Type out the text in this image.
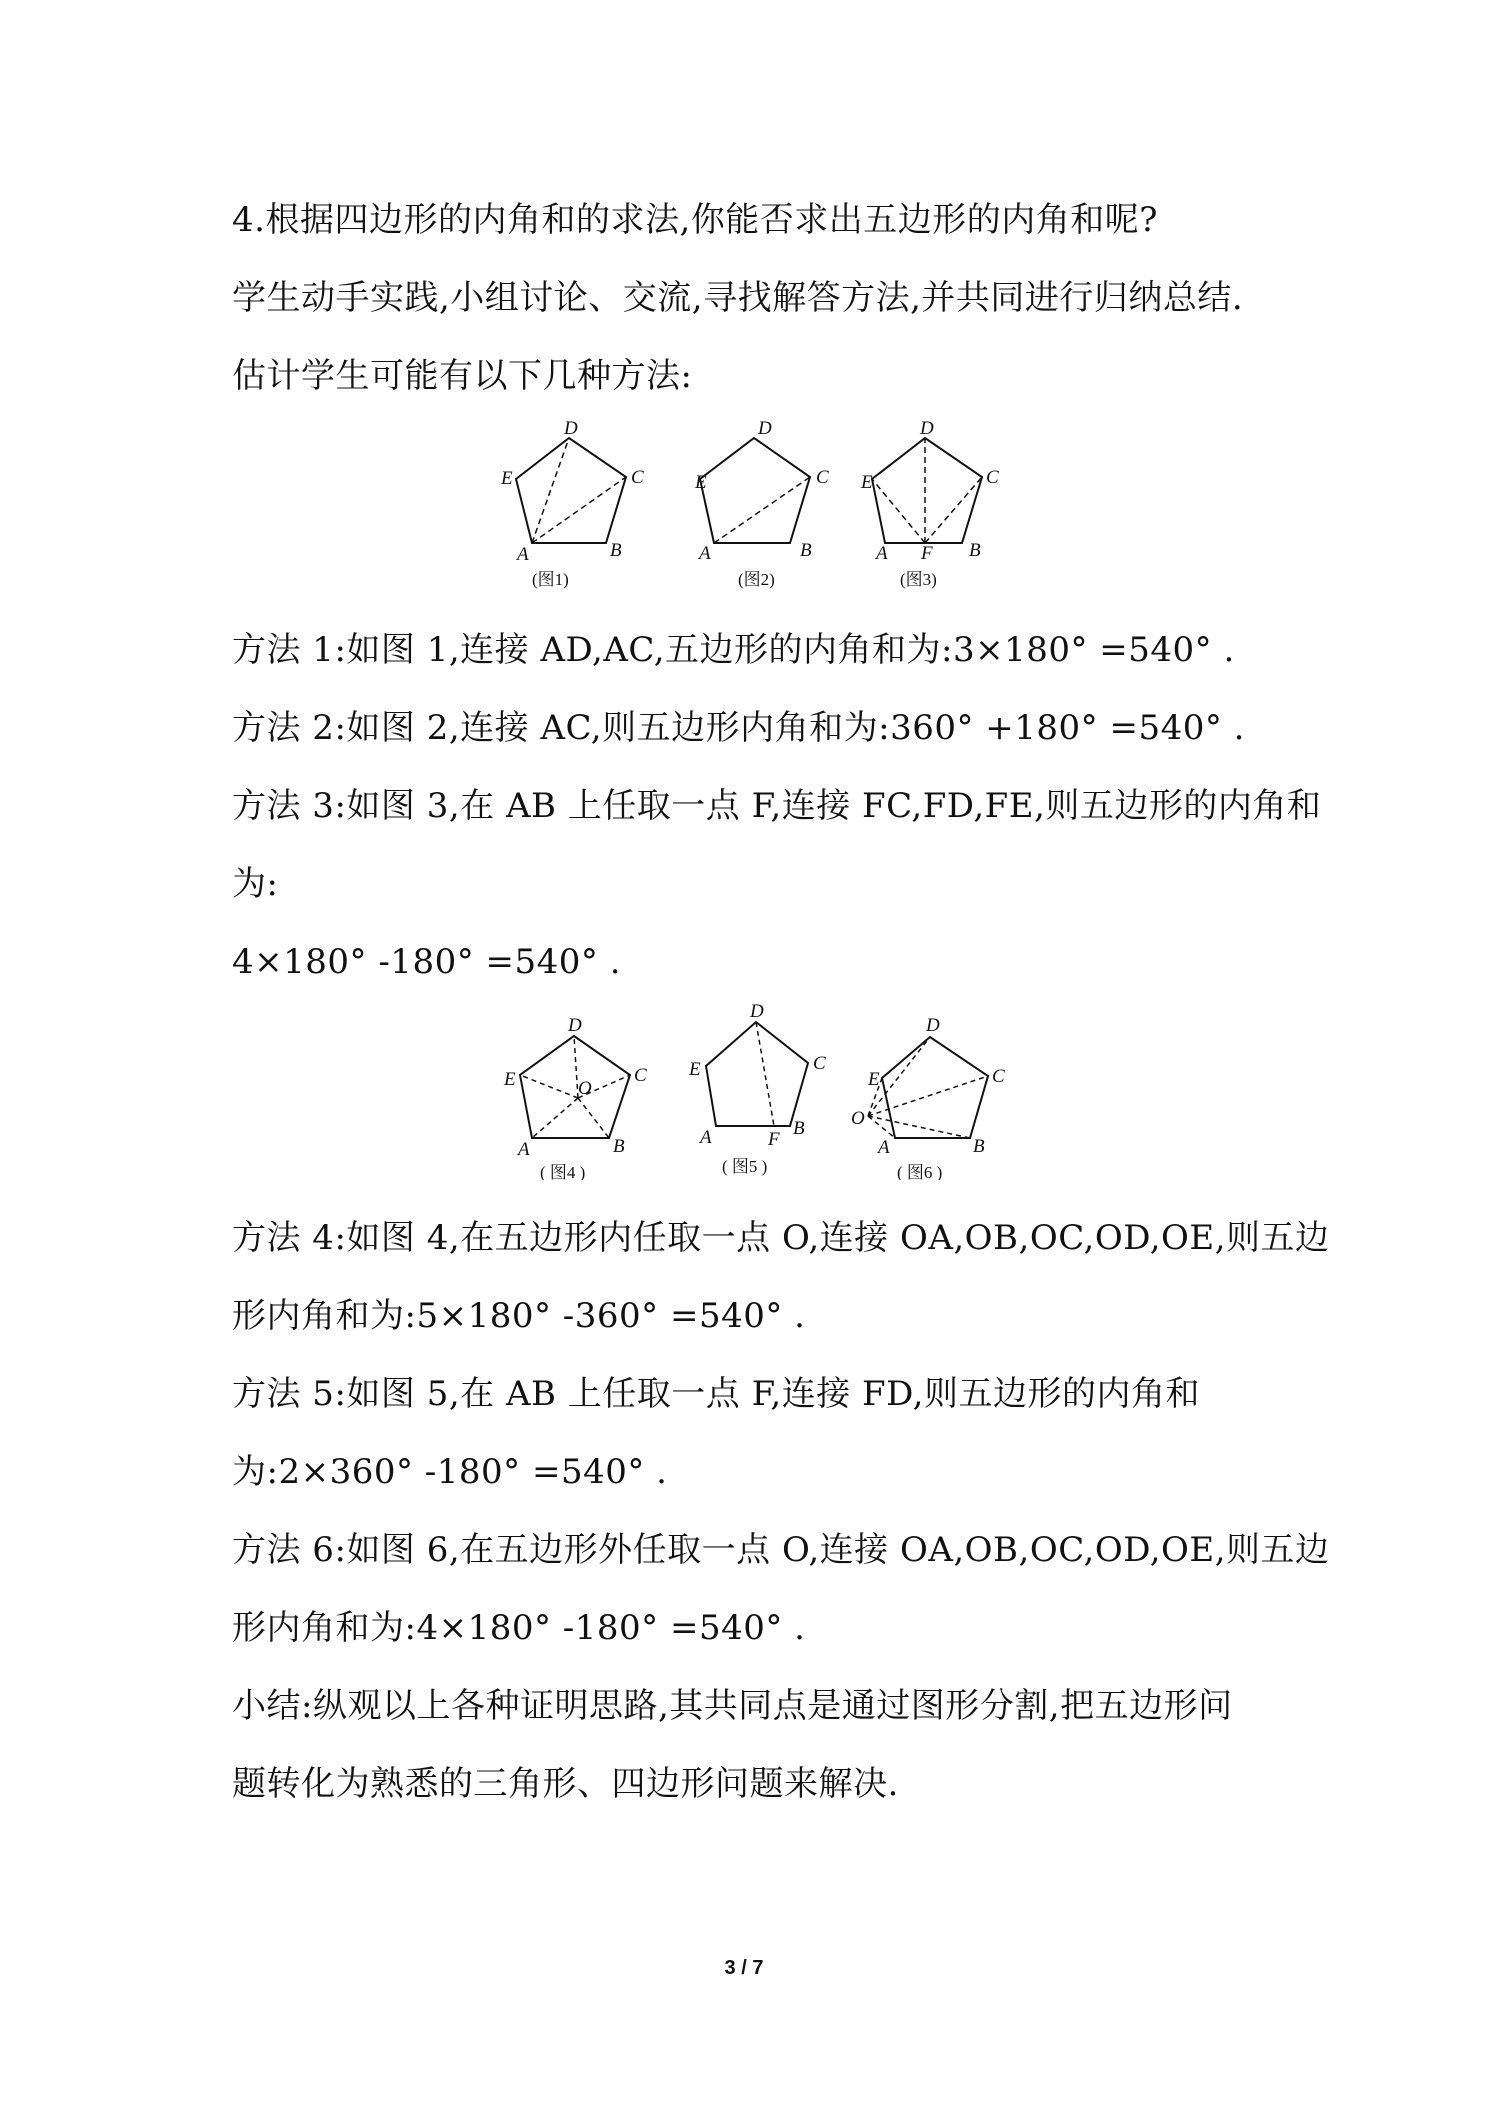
4.根据四边形的内角和的求法,你能否求出五边形的内角和呢?
学生动手实践,小组讨论、交流,寻找解答方法,并共同进行归纳总结.
估计学生可能有以下几种方法:
D
E	C
A	B
(图1)
D
E	C
A	B
(图2)
D
E	C
A F B
(图3)
方法 1:如图 1,连接 AD,AC,五边形的内角和为:3×180° =540° .
方法 2:如图 2,连接 AC,则五边形内角和为:360° +180° =540° .
方法 3:如图 3,在 AB 上任取一点 F,连接 FC,FD,FE,则五边形的内角和
为:
4×180° -180° =540° .
D
E	O
C
A	B
( 图4 )
D
E	C
A	F
B
( 图5 )
D
E
O
C
A	B
( 图6 )
方法 4:如图 4,在五边形内任取一点 O,连接 OA,OB,OC,OD,OE,则五边
形内角和为:5×180° -360° =540° .
方法 5:如图 5,在 AB 上任取一点 F,连接 FD,则五边形的内角和
为:2×360° -180° =540° .
方法 6:如图 6,在五边形外任取一点 O,连接 OA,OB,OC,OD,OE,则五边
形内角和为:4×180° -180° =540° .
小结:纵观以上各种证明思路,其共同点是通过图形分割,把五边形问
题转化为熟悉的三角形、四边形问题来解决.
3 / 7
